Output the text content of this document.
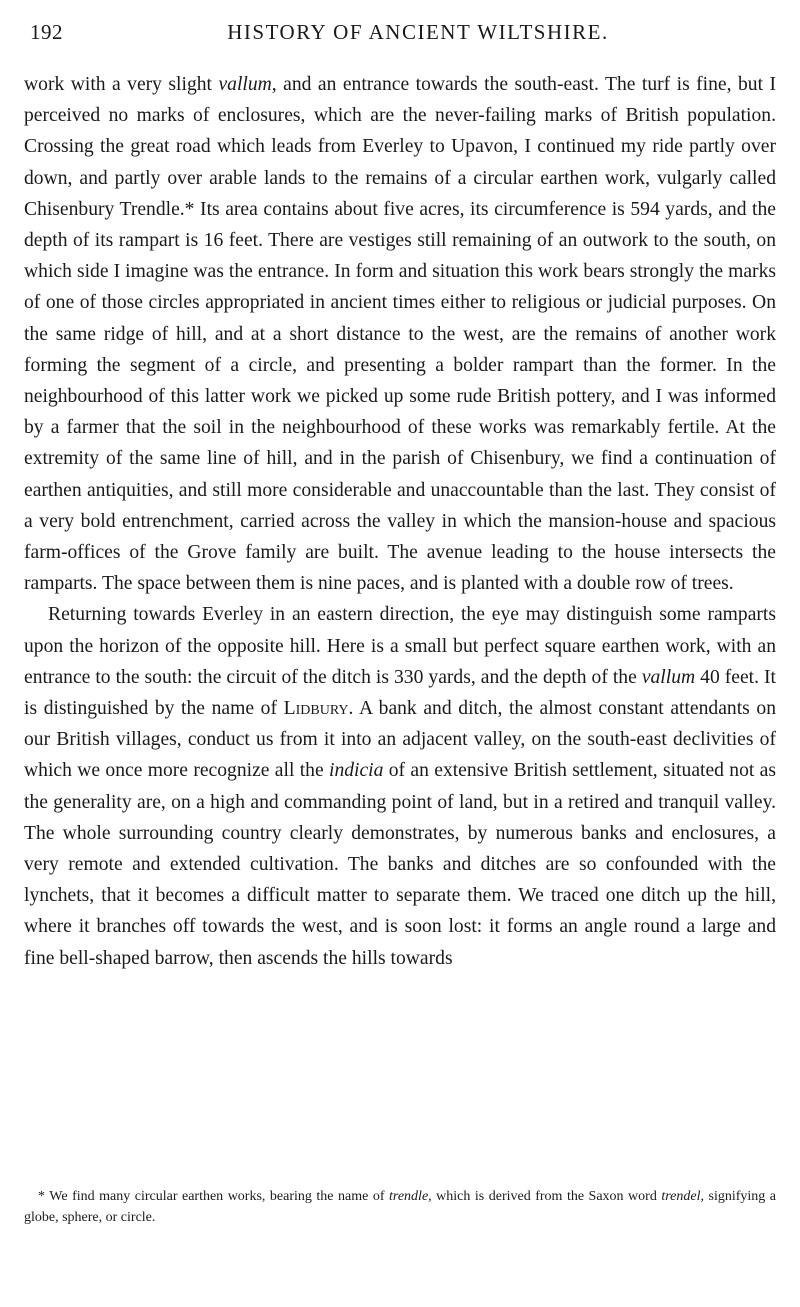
192	HISTORY OF ANCIENT WILTSHIRE.

work with a very slight vallum, and an entrance towards the south-east. The turf is fine, but I perceived no marks of enclosures, which are the never-failing marks of British population. Crossing the great road which leads from Everley to Upavon, I continued my ride partly over down, and partly over arable lands to the remains of a circular earthen work, vulgarly called Chisenbury Trendle.* Its area contains about five acres, its circumference is 594 yards, and the depth of its rampart is 16 feet. There are vestiges still remaining of an outwork to the south, on which side I imagine was the entrance. In form and situation this work bears strongly the marks of one of those circles appropriated in ancient times either to religious or judicial purposes. On the same ridge of hill, and at a short distance to the west, are the remains of another work forming the segment of a circle, and presenting a bolder rampart than the former. In the neighbourhood of this latter work we picked up some rude British pottery, and I was informed by a farmer that the soil in the neighbourhood of these works was remarkably fertile. At the extremity of the same line of hill, and in the parish of Chisenbury, we find a continuation of earthen antiquities, and still more considerable and unaccountable than the last. They consist of a very bold entrenchment, carried across the valley in which the mansion-house and spacious farm-offices of the Grove family are built. The avenue leading to the house intersects the ramparts. The space between them is nine paces, and is planted with a double row of trees.

Returning towards Everley in an eastern direction, the eye may distinguish some ramparts upon the horizon of the opposite hill. Here is a small but perfect square earthen work, with an entrance to the south: the circuit of the ditch is 330 yards, and the depth of the vallum 40 feet. It is distinguished by the name of Lidbury. A bank and ditch, the almost constant attendants on our British villages, conduct us from it into an adjacent valley, on the south-east declivities of which we once more recognize all the indicia of an extensive British settlement, situated not as the generality are, on a high and commanding point of land, but in a retired and tranquil valley. The whole surrounding country clearly demonstrates, by numerous banks and enclosures, a very remote and extended cultivation. The banks and ditches are so confounded with the lynchets, that it becomes a difficult matter to separate them. We traced one ditch up the hill, where it branches off towards the west, and is soon lost: it forms an angle round a large and fine bell-shaped barrow, then ascends the hills towards

* We find many circular earthen works, bearing the name of trendle, which is derived from the Saxon word trendel, signifying a globe, sphere, or circle.
